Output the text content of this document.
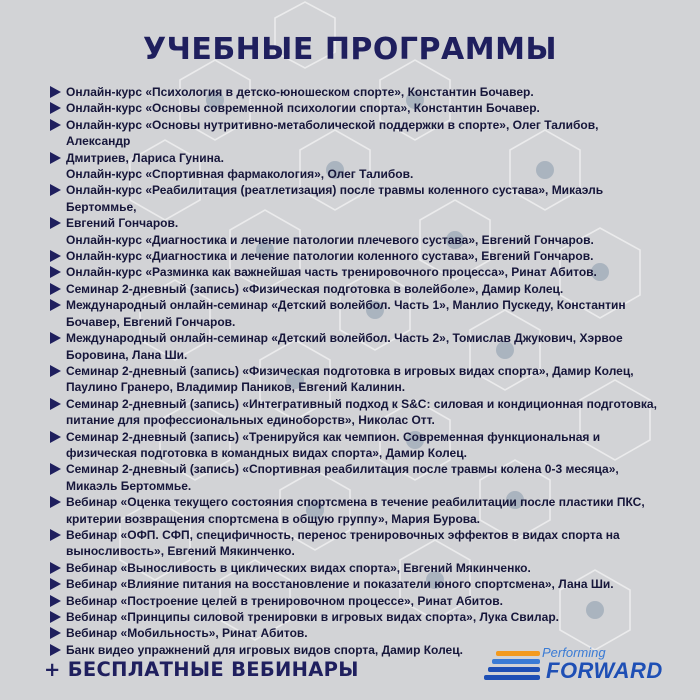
УЧЕБНЫЕ ПРОГРАММЫ
Онлайн-курс «Психология в детско-юношеском спорте», Константин Бочавер.
Онлайн-курс «Основы современной психологии спорта», Константин Бочавер.
Онлайн-курс «Основы нутритивно-метаболической поддержки в спорте», Олег Талибов, Александр
Дмитриев, Лариса Гунина.
Онлайн-курс «Спортивная фармакология», Олег Талибов.
Онлайн-курс «Реабилитация (реатлетизация) после травмы коленного сустава», Микаэль Бертоммье,
Евгений Гончаров.
Онлайн-курс «Диагностика и лечение патологии плечевого сустава», Евгений Гончаров.
Онлайн-курс «Диагностика и лечение патологии коленного сустава», Евгений Гончаров.
Онлайн-курс «Разминка как важнейшая часть тренировочного процесса», Ринат Абитов.
Семинар 2-дневный (запись) «Физическая подготовка в волейболе», Дамир Колец.
Международный онлайн-семинар «Детский волейбол. Часть 1», Манлио Пускеду, Константин Бочавер, Евгений Гончаров.
Международный онлайн-семинар «Детский волейбол. Часть 2», Томислав Джукович, Хэрвое Боровина, Лана Ши.
Семинар 2-дневный (запись) «Физическая подготовка в игровых видах спорта», Дамир Колец, Паулино Гранеро, Владимир Паников, Евгений Калинин.
Семинар 2-дневный (запись) «Интегративный подход к S&C: силовая и кондиционная подготовка, питание для профессиональных единоборств», Николас Отт.
Семинар 2-дневный (запись) «Тренируйся как чемпион. Современная функциональная и физическая подготовка в командных видах спорта», Дамир Колец.
Семинар 2-дневный (запись) «Спортивная реабилитация после травмы колена 0-3 месяца», Микаэль Бертоммье.
Вебинар «Оценка текущего состояния спортсмена в течение реабилитации после пластики ПКС, критерии возвращения спортсмена в общую группу», Мария Бурова.
Вебинар «ОФП. СФП, специфичность, перенос тренировочных эффектов в видах спорта на выносливость», Евгений Мякинченко.
Вебинар «Выносливость в циклических видах спорта», Евгений Мякинченко.
Вебинар «Влияние питания на восстановление и показатели юного спортсмена», Лана Ши.
Вебинар «Построение целей в тренировочном процессе», Ринат Абитов.
Вебинар «Принципы силовой тренировки в игровых видах спорта», Лука Свилар.
Вебинар «Мобильность», Ринат Абитов.
Банк видео упражнений для игровых видов спорта, Дамир Колец.
+ БЕСПЛАТНЫЕ ВЕБИНАРЫ
Performing
FORWARD
